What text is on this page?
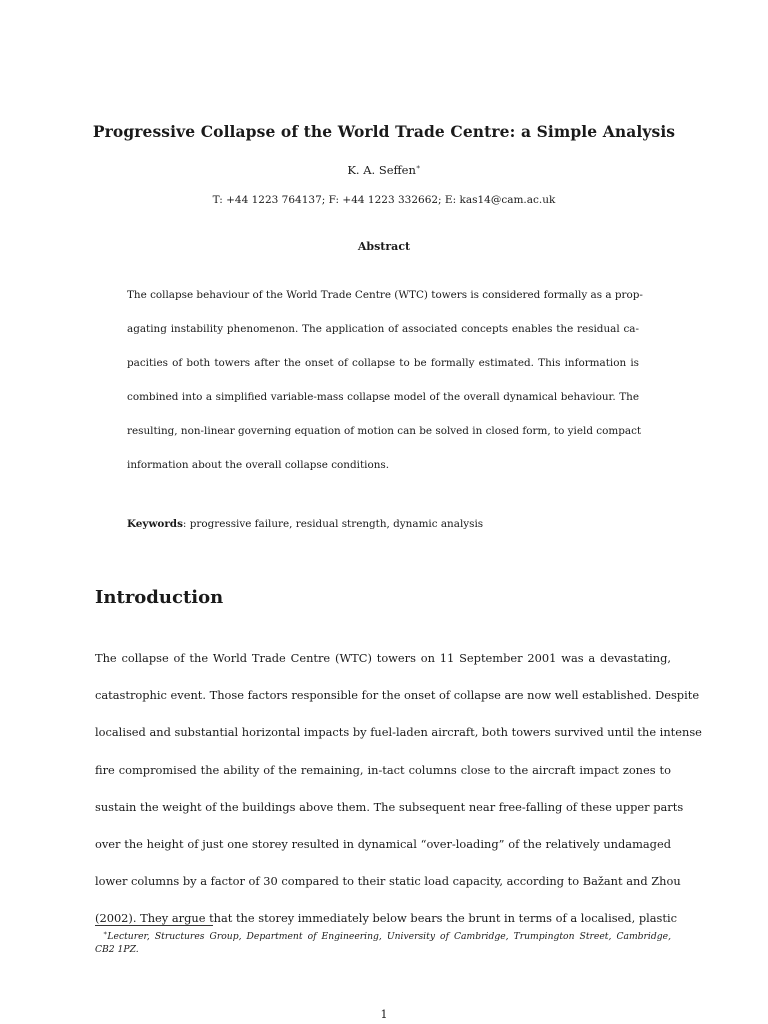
Progressive Collapse of the World Trade Centre: a Simple Analysis
K. A. Seffen∗
T: +44 1223 764137; F: +44 1223 332662; E: kas14@cam.ac.uk
Abstract
The collapse behaviour of the World Trade Centre (WTC) towers is considered formally as a prop-
agating instability phenomenon. The application of associated concepts enables the residual ca-
pacities of both towers after the onset of collapse to be formally estimated. This information is
combined into a simplified variable-mass collapse model of the overall dynamical behaviour. The
resulting, non-linear governing equation of motion can be solved in closed form, to yield compact
information about the overall collapse conditions.
Keywords: progressive failure, residual strength, dynamic analysis
Introduction
The collapse of the World Trade Centre (WTC) towers on 11 September 2001 was a devastating,
catastrophic event. Those factors responsible for the onset of collapse are now well established. Despite
localised and substantial horizontal impacts by fuel-laden aircraft, both towers survived until the intense
fire compromised the ability of the remaining, in-tact columns close to the aircraft impact zones to
sustain the weight of the buildings above them. The subsequent near free-falling of these upper parts
over the height of just one storey resulted in dynamical “over-loading” of the relatively undamaged
lower columns by a factor of 30 compared to their static load capacity, according to Bažant and Zhou
(2002). They argue that the storey immediately below bears the brunt in terms of a localised, plastic
∗Lecturer, Structures Group, Department of Engineering, University of Cambridge, Trumpington Street, Cambridge,
CB2 1PZ.
1
